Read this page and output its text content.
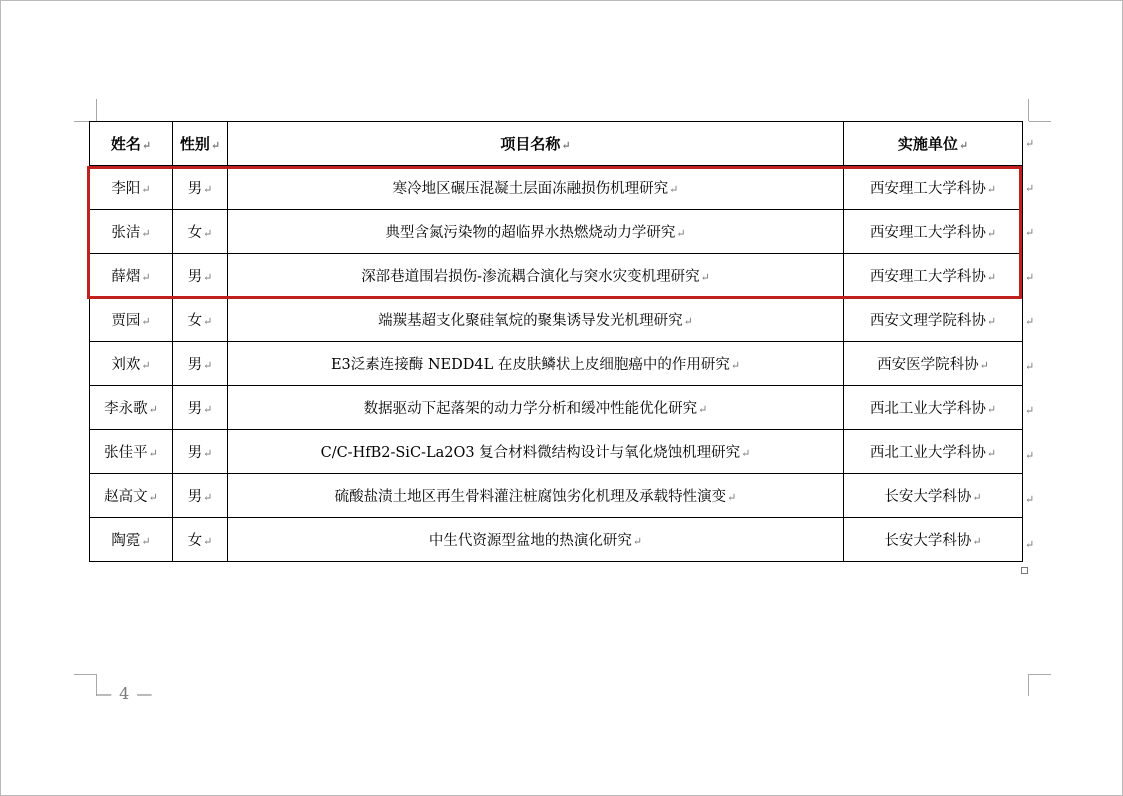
姓名↵	性别↵	项目名称↵	实施单位↵
李阳↵	男↵	寒冷地区碾压混凝土层面冻融损伤机理研究↵	西安理工大学科协↵
张洁↵	女↵	典型含氮污染物的超临界水热燃烧动力学研究↵	西安理工大学科协↵
薛熠↵	男↵	深部巷道围岩损伤-渗流耦合演化与突水灾变机理研究↵	西安理工大学科协↵
贾园↵	女↵	端羰基超支化聚硅氧烷的聚集诱导发光机理研究↵	西安文理学院科协↵
刘欢↵	男↵	E3泛素连接酶 NEDD4L 在皮肤鳞状上皮细胞癌中的作用研究↵	西安医学院科协↵
李永歌↵	男↵	数据驱动下起落架的动力学分析和缓冲性能优化研究↵	西北工业大学科协↵
张佳平↵	男↵	C/C-HfB2-SiC-La2O3 复合材料微结构设计与氧化烧蚀机理研究↵	西北工业大学科协↵
赵高文↵	男↵	硫酸盐渍土地区再生骨料灌注桩腐蚀劣化机理及承载特性演变↵	长安大学科协↵
陶霓↵	女↵	中生代资源型盆地的热演化研究↵	长安大学科协↵
↵
↵
↵
↵
↵
↵
↵
↵
↵
↵
— 4 —
